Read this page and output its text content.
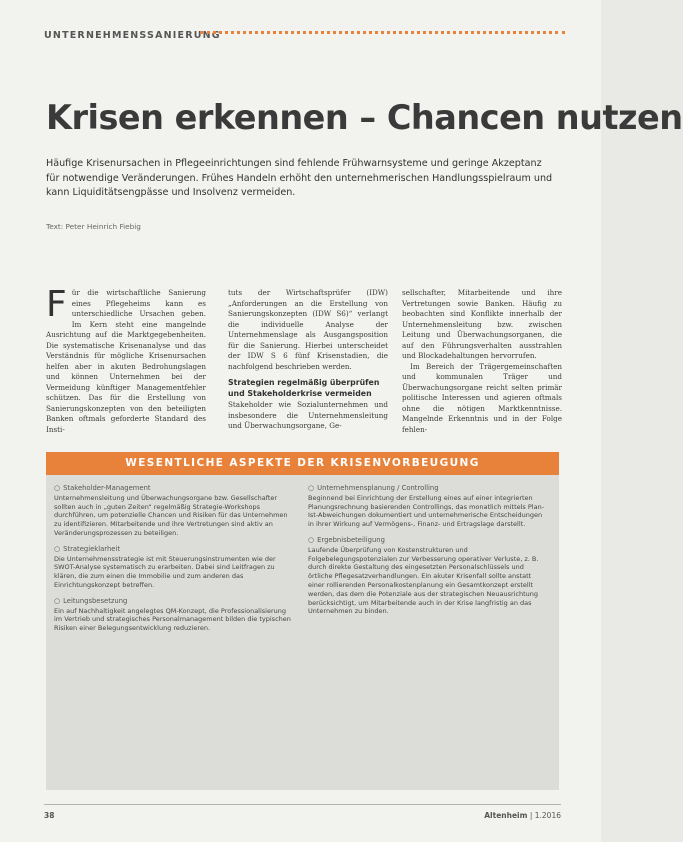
UNTERNEHMENSSANIERUNG
Krisen erkennen – Chancen nutzen

Häufige Krisenursachen in Pflegeeinrichtungen sind fehlende Frühwarnsysteme und geringe Akzeptanz für notwendige Veränderungen. Frühes Handeln erhöht den unternehmerischen Handlungsspielraum und kann Liquiditätsengpässe und Insolvenz vermeiden.

Text: Peter Heinrich Fiebig
F ür die wirtschaftliche Sanierung eines Pflegeheims kann es unterschiedliche Ursachen geben. Im Kern steht eine mangelnde Ausrichtung auf die Marktgegebenheiten. Die systematische Krisenanalyse und das Verständnis für mögliche Krisenursachen helfen aber in akuten Bedrohungslagen und können Unternehmen bei der Vermeidung künftiger Managementfehler schützen. Das für die Erstellung von Sanierungskonzepten von den beteiligten Banken oftmals geforderte Standard des Insti-

tuts der Wirtschaftsprüfer (IDW) „Anforderungen an die Erstellung von Sanierungskonzepten (IDW S6)“ verlangt die individuelle Analyse der Unternehmenslage als Ausgangsposition für die Sanierung. Hierbei unterscheidet der IDW S 6 fünf Krisenstadien, die nachfolgend beschrieben werden.

Strategien regelmäßig überprüfen und Stakeholderkrise vermeiden

Stakeholder wie Sozialunternehmen und insbesondere die Unternehmensleitung und Überwachungsorgane, Ge-

sellschafter, Mitarbeitende und ihre Vertretungen sowie Banken. Häufig zu beobachten sind Konflikte innerhalb der Unternehmensleitung bzw. zwischen Leitung und Überwachungsorganen, die auf den Führungsverhalten ausstrahlen und Blockadehaltungen hervorrufen.

Im Bereich der Trägergemeinschaften und kommunalen Träger und Überwachungsorgane reicht selten primär politische Interessen und agieren oftmals ohne die nötigen Marktkenntnisse. Mangelnde Erkenntnis und in der Folge fehlen-

WESENTLICHE ASPEKTE DER KRISENVORBEUGUNG
○ Stakeholder-Management

Unternehmensleitung und Überwachungsorgane bzw. Gesellschafter sollten auch in „guten Zeiten“ regelmäßig Strategie-Workshops durchführen, um potenzielle Chancen und Risiken für das Unternehmen zu identifizieren. Mitarbeitende und ihre Vertretungen sind aktiv an Veränderungsprozessen zu beteiligen.

○ Strategieklarheit

Die Unternehmensstrategie ist mit Steuerungsinstrumenten wie der SWOT-Analyse systematisch zu erarbeiten. Dabei sind Leitfragen zu klären, die zum einen die Immobilie und zum anderen das Einrichtungskonzept betreffen.

○ Leitungsbesetzung

Ein auf Nachhaltigkeit angelegtes QM-Konzept, die Professionalisierung im Vertrieb und strategisches Personalmanagement bilden die typischen Risiken einer Belegungsentwicklung reduzieren.

○ Unternehmensplanung / Controlling

Beginnend bei Einrichtung der Erstellung eines auf einer integrierten Planungsrechnung basierenden Controllings, das monatlich mittels Plan-Ist-Abweichungen dokumentiert und unternehmerische Entscheidungen in ihrer Wirkung auf Vermögens-, Finanz- und Ertragslage darstellt.

○ Ergebnisbeteiligung

Laufende Überprüfung von Kostenstrukturen und Folgebelegungspotenzialen zur Verbesserung operativer Verluste, z. B. durch direkte Gestaltung des eingesetzten Personalschlüssels und örtliche Pflegesatzverhandlungen. Ein akuter Krisenfall sollte anstatt einer rollierenden Personalkostenplanung ein Gesamtkonzept erstellt werden, das dem die Potenziale aus der strategischen Neuausrichtung berücksichtigt, um Mitarbeitende auch in der Krise langfristig an das Unternehmen zu binden.

38	Altenheim | 1.2016
